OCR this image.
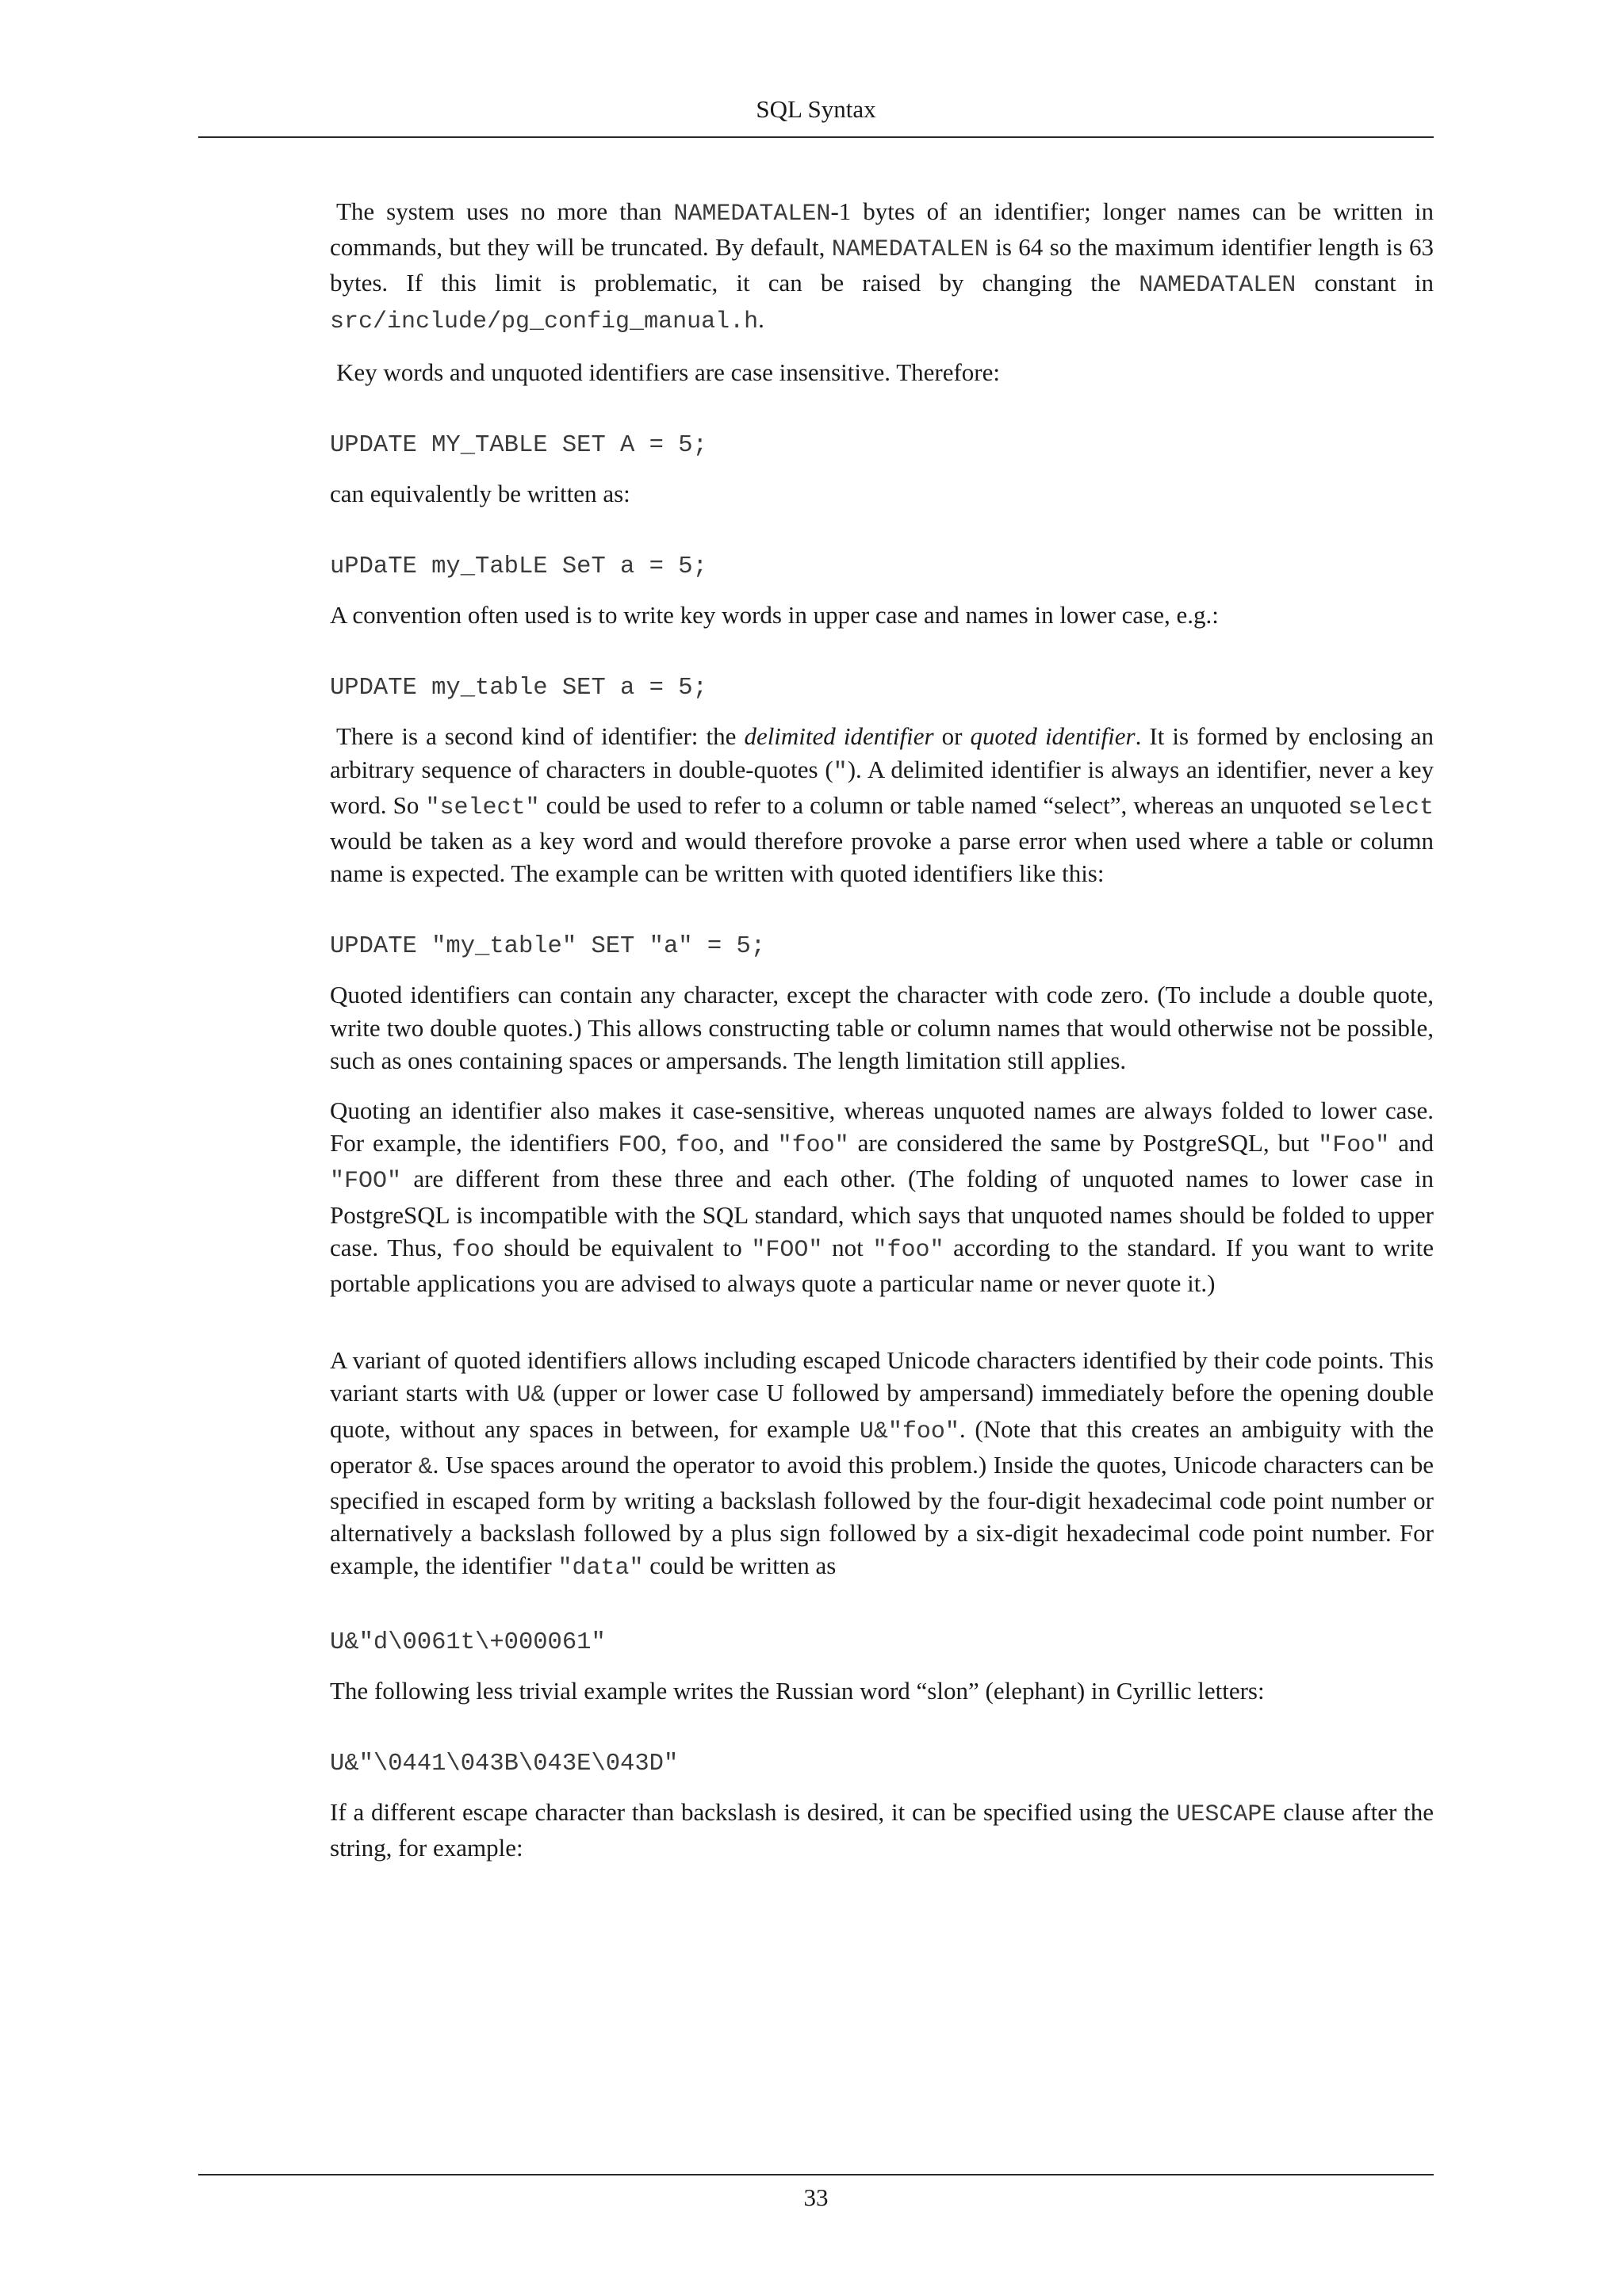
SQL Syntax

The system uses no more than NAMEDATALEN-1 bytes of an identifier; longer names can be written in commands, but they will be truncated. By default, NAMEDATALEN is 64 so the maximum identifier length is 63 bytes. If this limit is problematic, it can be raised by changing the NAMEDATALEN constant in src/include/pg_config_manual.h.

Key words and unquoted identifiers are case insensitive. Therefore:

UPDATE MY_TABLE SET A = 5;

can equivalently be written as:

uPDaTE my_TabLE SeT a = 5;

A convention often used is to write key words in upper case and names in lower case, e.g.:

UPDATE my_table SET a = 5;

There is a second kind of identifier: the delimited identifier or quoted identifier. It is formed by enclosing an arbitrary sequence of characters in double-quotes ("). A delimited identifier is always an identifier, never a key word. So "select" could be used to refer to a column or table named “select”, whereas an unquoted select would be taken as a key word and would therefore provoke a parse error when used where a table or column name is expected. The example can be written with quoted identifiers like this:

UPDATE "my_table" SET "a" = 5;

Quoted identifiers can contain any character, except the character with code zero. (To include a double quote, write two double quotes.) This allows constructing table or column names that would otherwise not be possible, such as ones containing spaces or ampersands. The length limitation still applies.

Quoting an identifier also makes it case-sensitive, whereas unquoted names are always folded to lower case. For example, the identifiers FOO, foo, and "foo" are considered the same by PostgreSQL, but "Foo" and "FOO" are different from these three and each other. (The folding of unquoted names to lower case in PostgreSQL is incompatible with the SQL standard, which says that unquoted names should be folded to upper case. Thus, foo should be equivalent to "FOO" not "foo" according to the standard. If you want to write portable applications you are advised to always quote a particular name or never quote it.)

A variant of quoted identifiers allows including escaped Unicode characters identified by their code points. This variant starts with U& (upper or lower case U followed by ampersand) immediately before the opening double quote, without any spaces in between, for example U&"foo". (Note that this creates an ambiguity with the operator &. Use spaces around the operator to avoid this problem.) Inside the quotes, Unicode characters can be specified in escaped form by writing a backslash followed by the four-digit hexadecimal code point number or alternatively a backslash followed by a plus sign followed by a six-digit hexadecimal code point number. For example, the identifier "data" could be written as

U&"d\0061t\+000061"

The following less trivial example writes the Russian word “slon” (elephant) in Cyrillic letters:

U&"\0441\043B\043E\043D"

If a different escape character than backslash is desired, it can be specified using the UESCAPE clause after the string, for example:

33
